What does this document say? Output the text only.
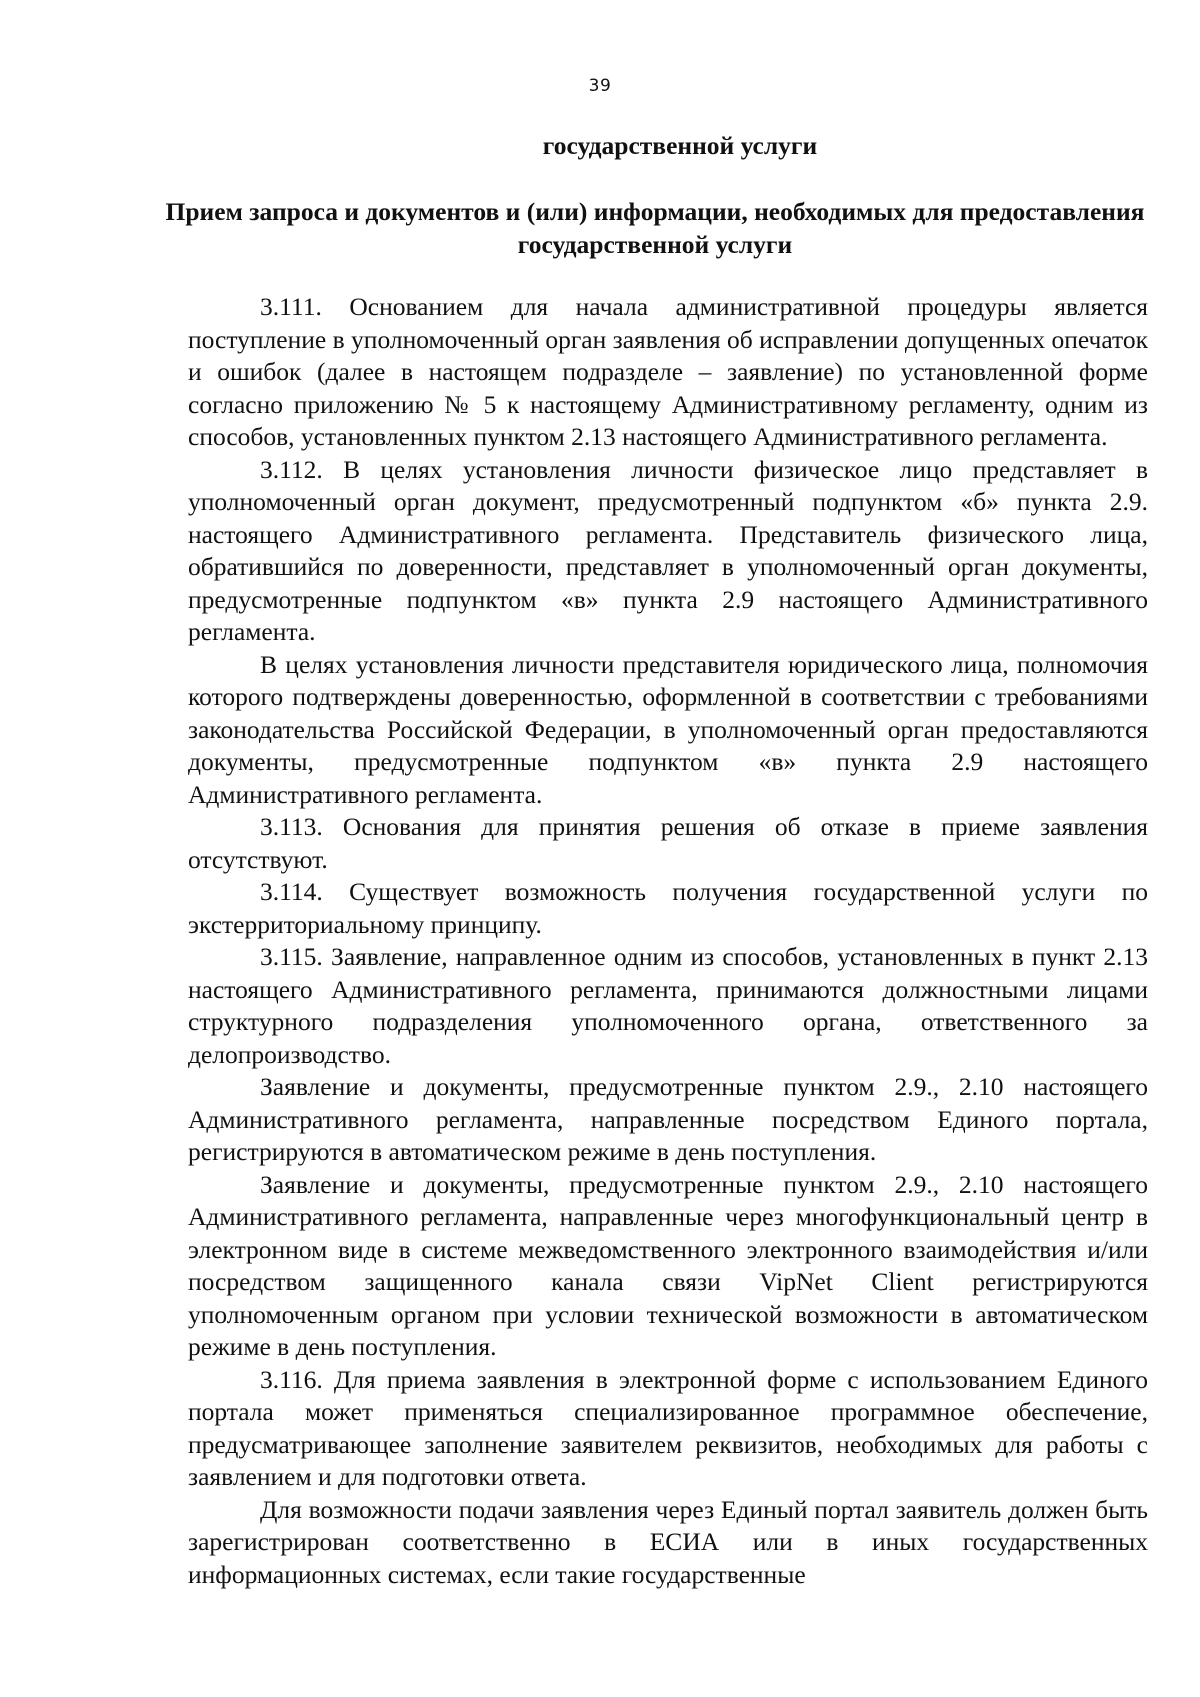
39
государственной услуги
Прием запроса и документов и (или) информации, необходимых для предоставления государственной услуги

3.111. Основанием для начала административной процедуры является поступление в уполномоченный орган заявления об исправлении допущенных опечаток и ошибок (далее в настоящем подразделе – заявление) по установленной форме согласно приложению № 5 к настоящему Административному регламенту, одним из способов, установленных пунктом 2.13 настоящего Административного регламента.

3.112. В целях установления личности физическое лицо представляет в уполномоченный орган документ, предусмотренный подпунктом «б» пункта 2.9. настоящего Административного регламента. Представитель физического лица, обратившийся по доверенности, представляет в уполномоченный орган документы, предусмотренные подпунктом «в» пункта 2.9 настоящего Административного регламента.

В целях установления личности представителя юридического лица, полномочия которого подтверждены доверенностью, оформленной в соответствии с требованиями законодательства Российской Федерации, в уполномоченный орган предоставляются документы, предусмотренные подпунктом «в» пункта 2.9 настоящего Административного регламента.

3.113. Основания для принятия решения об отказе в приеме заявления отсутствуют.

3.114. Существует возможность получения государственной услуги по экстерриториальному принципу.

3.115. Заявление, направленное одним из способов, установленных в пункт 2.13 настоящего Административного регламента, принимаются должностными лицами структурного подразделения уполномоченного органа, ответственного за делопроизводство.

Заявление и документы, предусмотренные пунктом 2.9., 2.10 настоящего Административного регламента, направленные посредством Единого портала, регистрируются в автоматическом режиме в день поступления.

Заявление и документы, предусмотренные пунктом 2.9., 2.10 настоящего Административного регламента, направленные через многофункциональный центр в электронном виде в системе межведомственного электронного взаимодействия и/или посредством защищенного канала связи VipNet Client регистрируются уполномоченным органом при условии технической возможности в автоматическом режиме в день поступления.

3.116. Для приема заявления в электронной форме с использованием Единого портала может применяться специализированное программное обеспечение, предусматривающее заполнение заявителем реквизитов, необходимых для работы с заявлением и для подготовки ответа.

Для возможности подачи заявления через Единый портал заявитель должен быть зарегистрирован соответственно в ЕСИА или в иных государственных информационных системах, если такие государственные
